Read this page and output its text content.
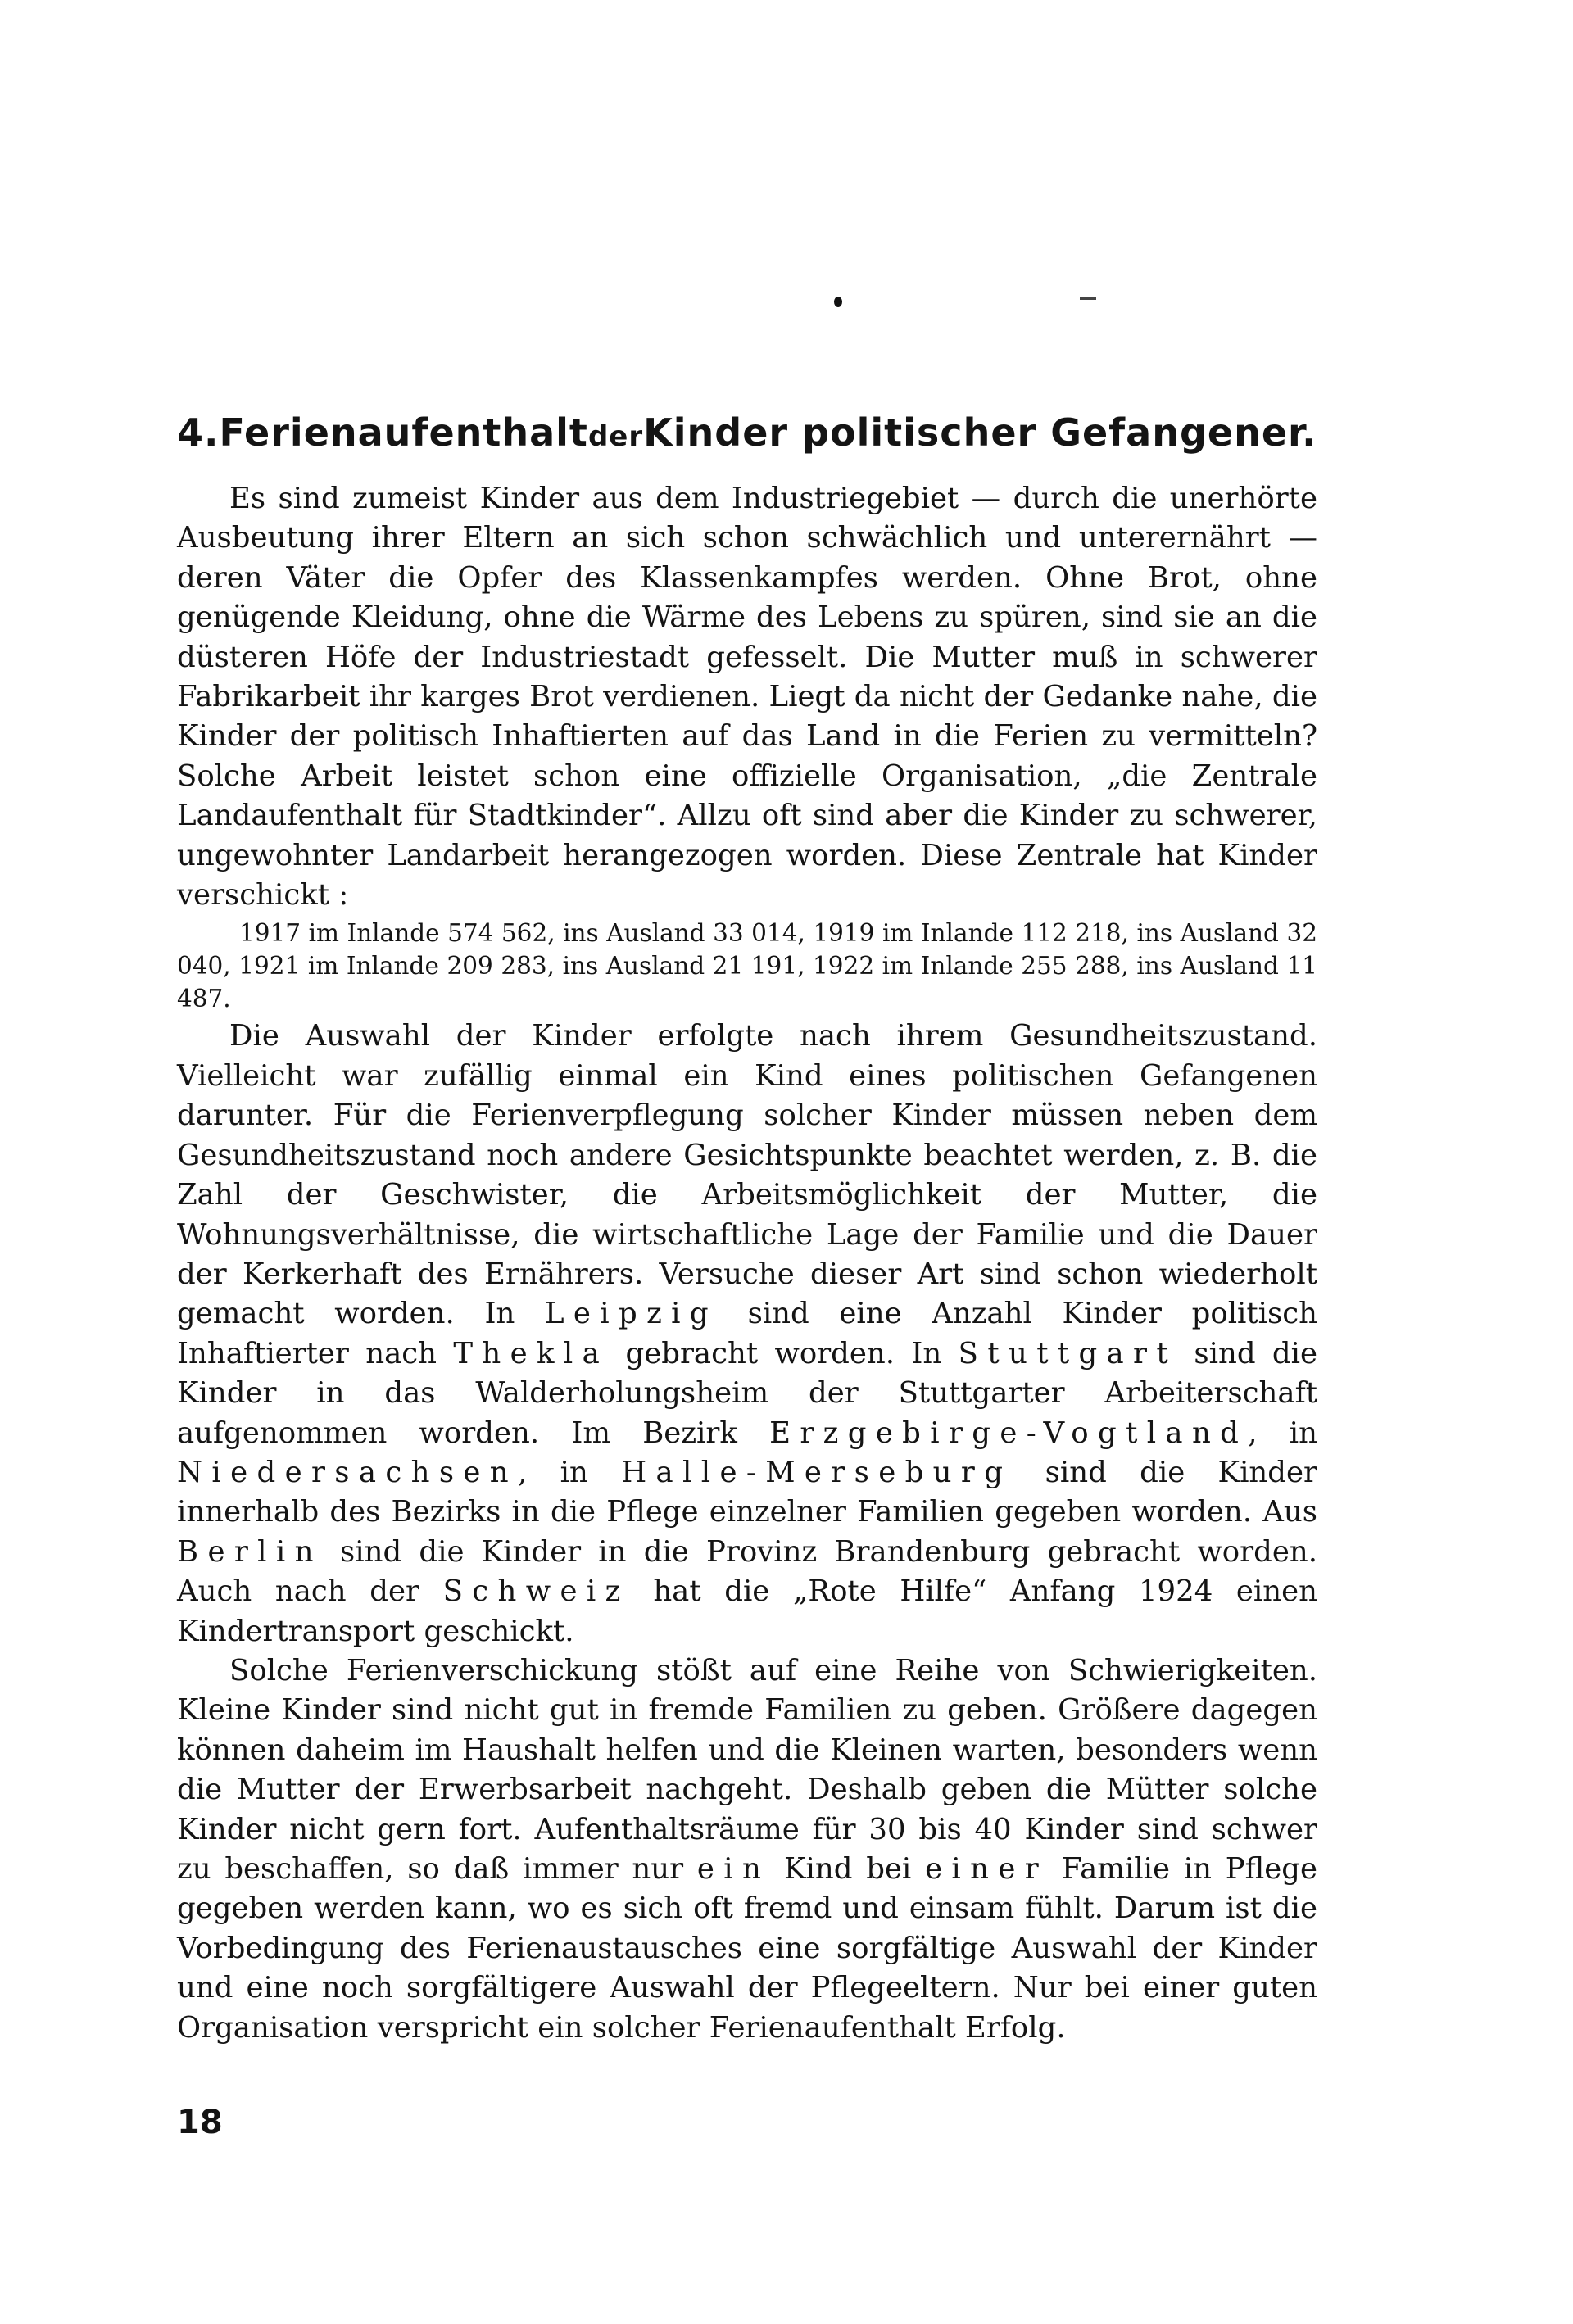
4.FerienaufenthaltderKinder politischer Gefangener.

Es sind zumeist Kinder aus dem Industriegebiet — durch die unerhörte Ausbeutung ihrer Eltern an sich schon schwächlich und unterernährt — deren Väter die Opfer des Klassenkampfes werden. Ohne Brot, ohne genügende Kleidung, ohne die Wärme des Lebens zu spüren, sind sie an die düsteren Höfe der Industriestadt gefesselt. Die Mutter muß in schwerer Fabrikarbeit ihr karges Brot verdienen. Liegt da nicht der Gedanke nahe, die Kinder der politisch Inhaftierten auf das Land in die Ferien zu vermitteln? Solche Arbeit leistet schon eine offizielle Organisation, „die Zentrale Landaufenthalt für Stadtkinder“. Allzu oft sind aber die Kinder zu schwerer, ungewohnter Landarbeit herangezogen worden. Diese Zentrale hat Kinder verschickt :

1917 im Inlande 574 562, ins Ausland 33 014, 1919 im Inlande 112 218, ins Ausland 32 040, 1921 im Inlande 209 283, ins Ausland 21 191, 1922 im Inlande 255 288, ins Ausland 11 487.

Die Auswahl der Kinder erfolgte nach ihrem Gesundheitszustand. Vielleicht war zufällig einmal ein Kind eines politischen Gefangenen darunter. Für die Ferienverpflegung solcher Kinder müssen neben dem Gesundheitszustand noch andere Gesichtspunkte beachtet werden, z. B. die Zahl der Geschwister, die Arbeitsmöglichkeit der Mutter, die Wohnungsverhältnisse, die wirtschaftliche Lage der Familie und die Dauer der Kerkerhaft des Ernährers. Versuche dieser Art sind schon wiederholt gemacht worden. In Leipzig sind eine Anzahl Kinder politisch Inhaftierter nach Thekla gebracht worden. In Stuttgart sind die Kinder in das Walderholungsheim der Stuttgarter Arbeiterschaft aufgenommen worden. Im Bezirk Erzgebirge-Vogtland, in Niedersachsen, in Halle-Merseburg sind die Kinder innerhalb des Bezirks in die Pflege einzelner Familien gegeben worden. Aus Berlin sind die Kinder in die Provinz Brandenburg gebracht worden. Auch nach der Schweiz hat die „Rote Hilfe“ Anfang 1924 einen Kindertransport geschickt.

Solche Ferienverschickung stößt auf eine Reihe von Schwierigkeiten. Kleine Kinder sind nicht gut in fremde Familien zu geben. Größere dagegen können daheim im Haushalt helfen und die Kleinen warten, besonders wenn die Mutter der Erwerbsarbeit nachgeht. Deshalb geben die Mütter solche Kinder nicht gern fort. Aufenthaltsräume für 30 bis 40 Kinder sind schwer zu beschaffen, so daß immer nur ein Kind bei einer Familie in Pflege gegeben werden kann, wo es sich oft fremd und einsam fühlt. Darum ist die Vorbedingung des Ferienaustausches eine sorgfältige Auswahl der Kinder und eine noch sorgfältigere Auswahl der Pflegeeltern. Nur bei einer guten Organisation verspricht ein solcher Ferienaufenthalt Erfolg.

18
